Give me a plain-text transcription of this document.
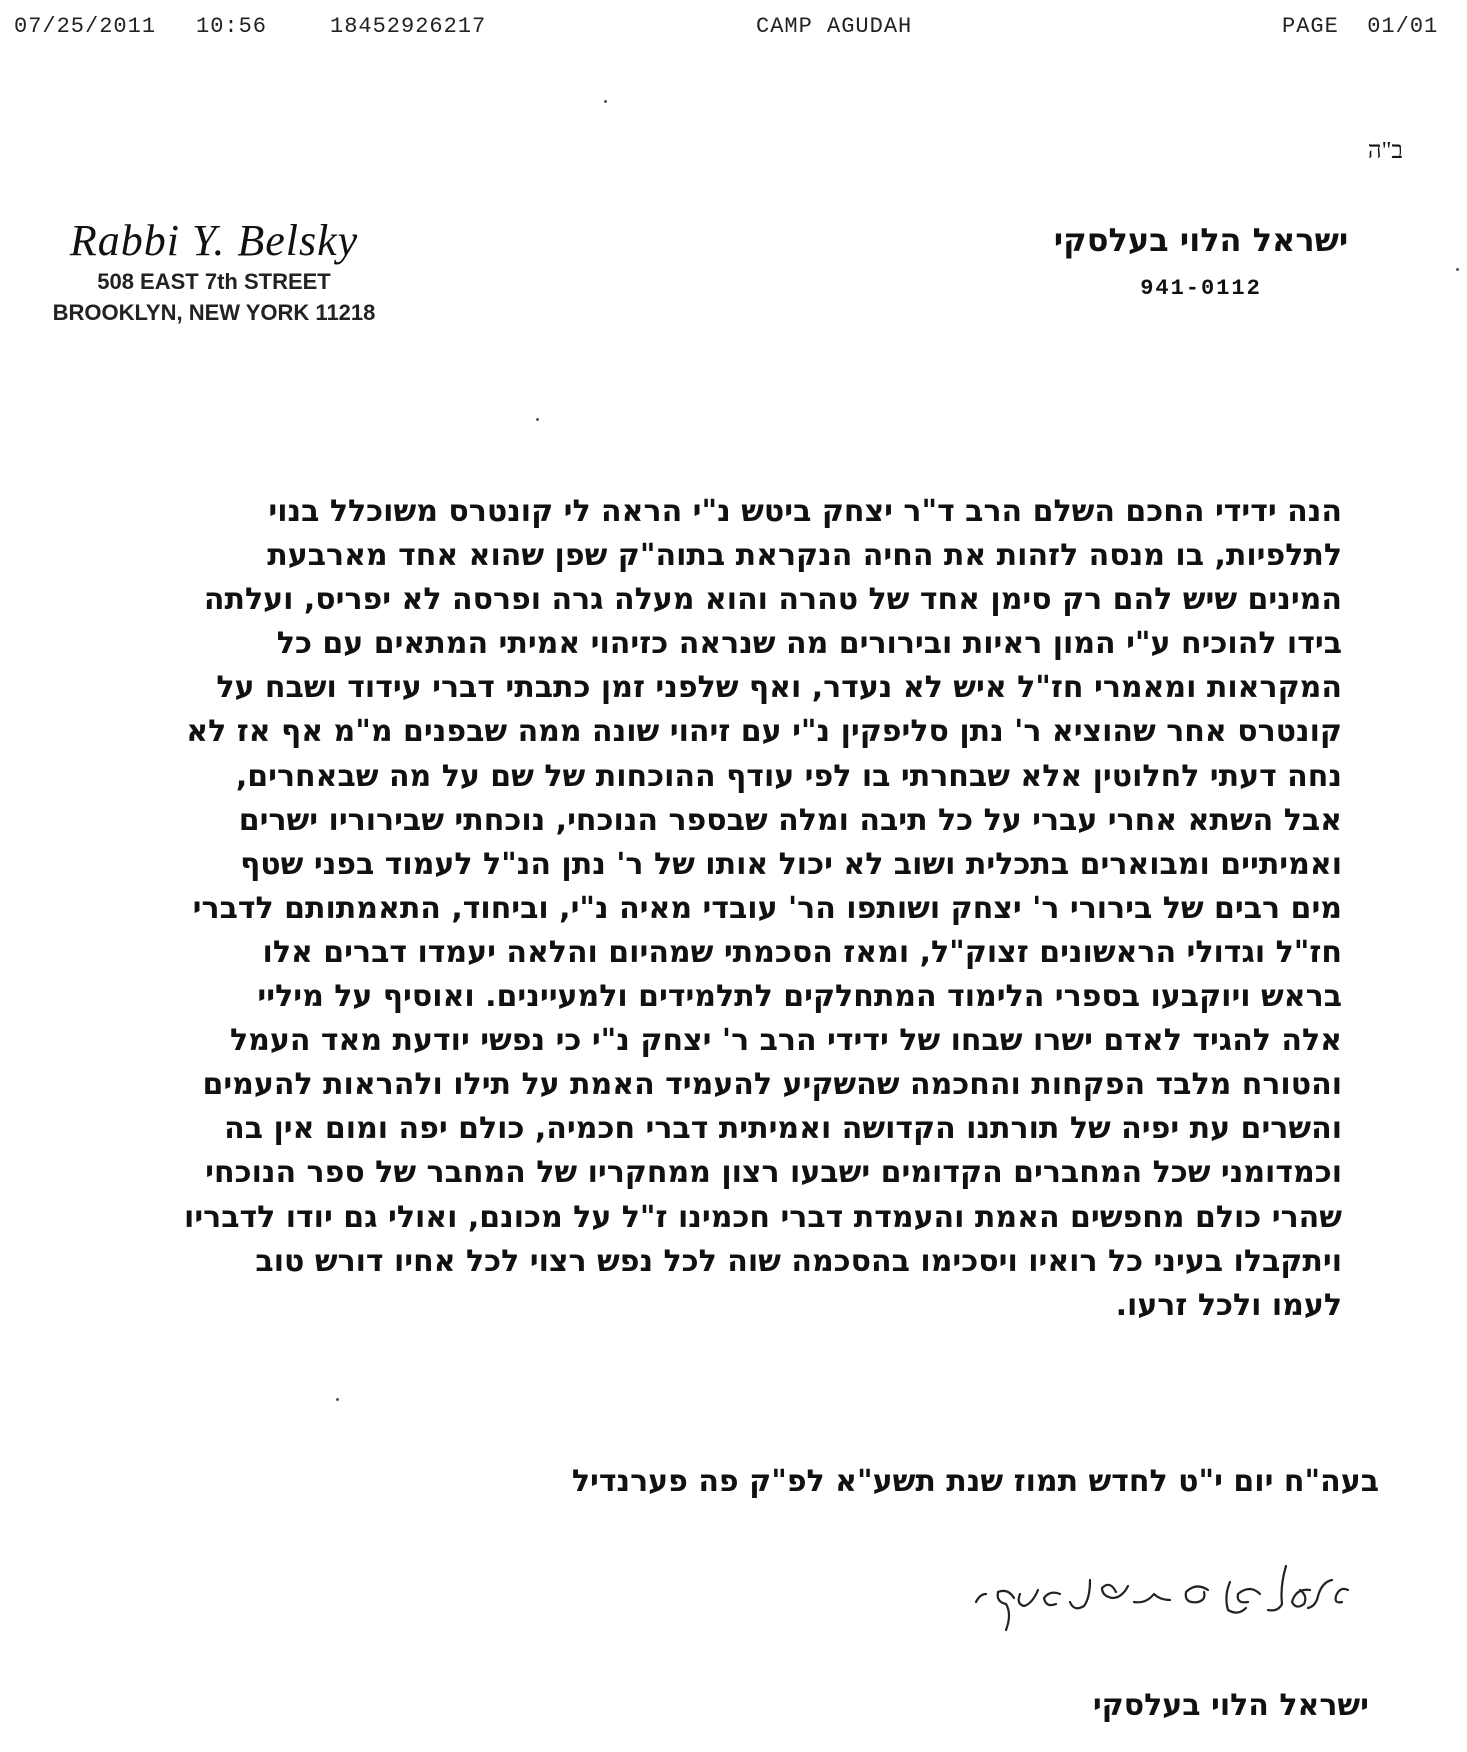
07/25/2011 10:56	18452926217	CAMP AGUDAH	PAGE  01/01
ב"ה
Rabbi Y. Belsky
508 EAST 7th STREET
BROOKLYN, NEW YORK 11218
ישראל הלוי בעלסקי
941-0112
הנה ידידי החכם השלם הרב ד"ר יצחק ביטש נ"י הראה לי קונטרס משוכלל בנוי
לתלפיות, בו מנסה לזהות את החיה הנקראת בתוה"ק שפן שהוא אחד מארבעת
המינים שיש להם רק סימן אחד של טהרה והוא מעלה גרה ופרסה לא יפריס, ועלתה
בידו להוכיח ע"י המון ראיות ובירורים מה שנראה כזיהוי אמיתי המתאים עם כל
המקראות ומאמרי חז"ל איש לא נעדר, ואף שלפני זמן כתבתי דברי עידוד ושבח על
קונטרס אחר שהוציא ר' נתן סליפקין נ"י עם זיהוי שונה ממה שבפנים מ"מ אף אז לא
נחה דעתי לחלוטין אלא שבחרתי בו לפי עודף ההוכחות של שם על מה שבאחרים,
אבל השתא אחרי עברי על כל תיבה ומלה שבספר הנוכחי, נוכחתי שבירוריו ישרים
ואמיתיים ומבוארים בתכלית ושוב לא יכול אותו של ר' נתן הנ"ל לעמוד בפני שטף
מים רבים של בירורי ר' יצחק ושותפו הר' עובדי מאיה נ"י, וביחוד, התאמתותם לדברי
חז"ל וגדולי הראשונים זצוק"ל, ומאז הסכמתי שמהיום והלאה יעמדו דברים אלו
בראש ויוקבעו בספרי הלימוד המתחלקים לתלמידים ולמעיינים. ואוסיף על מיליי
אלה להגיד לאדם ישרו שבחו של ידידי הרב ר' יצחק נ"י כי נפשי יודעת מאד העמל
והטורח מלבד הפקחות והחכמה שהשקיע להעמיד האמת על תילו ולהראות להעמים
והשרים עת יפיה של תורתנו הקדושה ואמיתית דברי חכמיה, כולם יפה ומום אין בה
וכמדומני שכל המחברים הקדומים ישבעו רצון ממחקריו של המחבר של ספר הנוכחי
שהרי כולם מחפשים האמת והעמדת דברי חכמינו ז"ל על מכונם, ואולי גם יודו לדבריו
ויתקבלו בעיני כל רואיו ויסכימו בהסכמה שוה לכל נפש רצוי לכל אחיו דורש טוב
לעמו ולכל זרעו.
בעה"ח יום י"ט לחדש תמוז שנת תשע"א לפ"ק פה פערנדיל
ישראל הלוי בעלסקי
